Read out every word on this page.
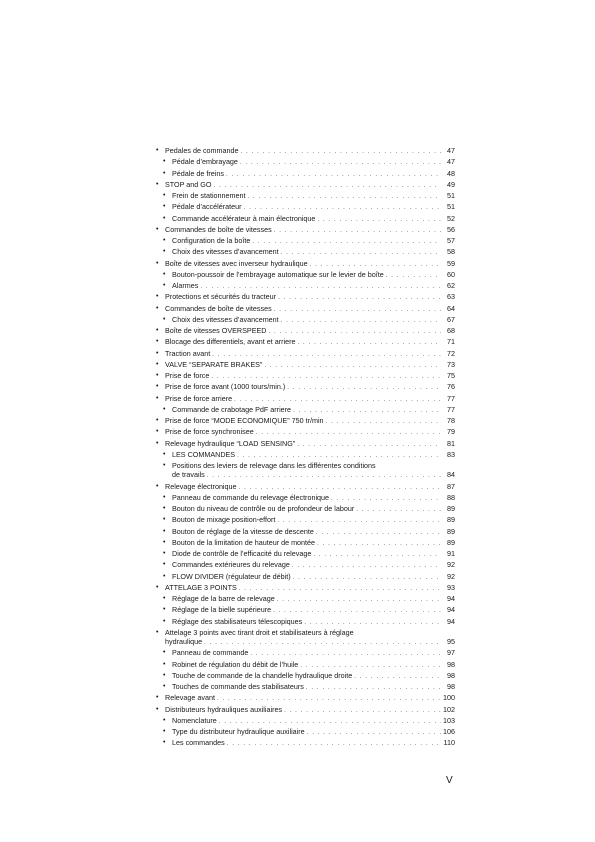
• Pedales de commande . . .	47
• Pédale d’embrayage . . .	47
• Pédale de freins . . .	48
• STOP and GO . . .	49
• Frein de stationnement . . .	51
• Pédale d’accélérateur . . .	51
• Commande accélérateur à main électronique . . .	52
• Commandes de boîte de vitesses . . .	56
• Configuration de la boîte . . .	57
• Choix des vitesses d’avancement . . .	58
• Boîte de vitesses avec inverseur hydraulique . . .	59
• Bouton-poussoir de l’embrayage automatique sur le levier de boîte . . .	60
• Alarmes . . .	62
• Protections et sécurités du tracteur . . .	63
• Commandes de boîte de vitesses . . .	64
• Choix des vitesses d’avancement . . .	67
• Boîte de vitesses OVERSPEED . . .	68
• Blocage des differentiels, avant et arriere . . .	71
• Traction avant . . .	72
• VALVE “SEPARATE BRAKES” . . .	73
• Prise de force . . .	75
• Prise de force avant (1000 tours/min.) . . .	76
• Prise de force arriere . . .	77
• Commande de crabotage PdF arriere . . .	77
• Prise de force “MODE ECONOMIQUE” 750 tr/min . . .	78
• Prise de force synchronisee . . .	79
• Relevage hydraulique “LOAD SENSING” . . .	81
• LES COMMANDES . . .	83
• Positions des leviers de relevage dans les différentes conditions
de travails . . .	84
• Relevage électronique . . .	87
• Panneau de commande du relevage électronique . . .	88
• Bouton du niveau de contrôle ou de profondeur de labour . . .	89
• Bouton de mixage position-effort . . .	89
• Bouton de réglage de la vitesse de descente . . .	89
• Bouton de la limitation de hauteur de montée . . .	89
• Diode de contrôle de l’efficacité du relevage . . .	91
• Commandes extérieures du relevage . . .	92
• FLOW DIVIDER (régulateur de débit) . . .	92
• ATTELAGE 3 POINTS . . .	93
• Réglage de la barre de relevage . . .	94
• Réglage de la bielle supérieure . . .	94
• Réglage des stabilisateurs télescopiques . . .	94
• Attelage 3 points avec tirant droit et stabilisateurs à réglage
hydraulique . . .	95
• Panneau de commande . . .	97
• Robinet de régulation du débit de l’huile . . .	98
• Touche de commande de la chandelle hydraulique droite . . .	98
• Touches de commande des stabilisateurs . . .	98
• Relevage avant . . .	100
• Distributeurs hydrauliques auxiliaires . . .	102
• Nomenclature . . .	103
• Type du distributeur hydraulique auxiliaire . . .	106
• Les commandes . . .	110
V
